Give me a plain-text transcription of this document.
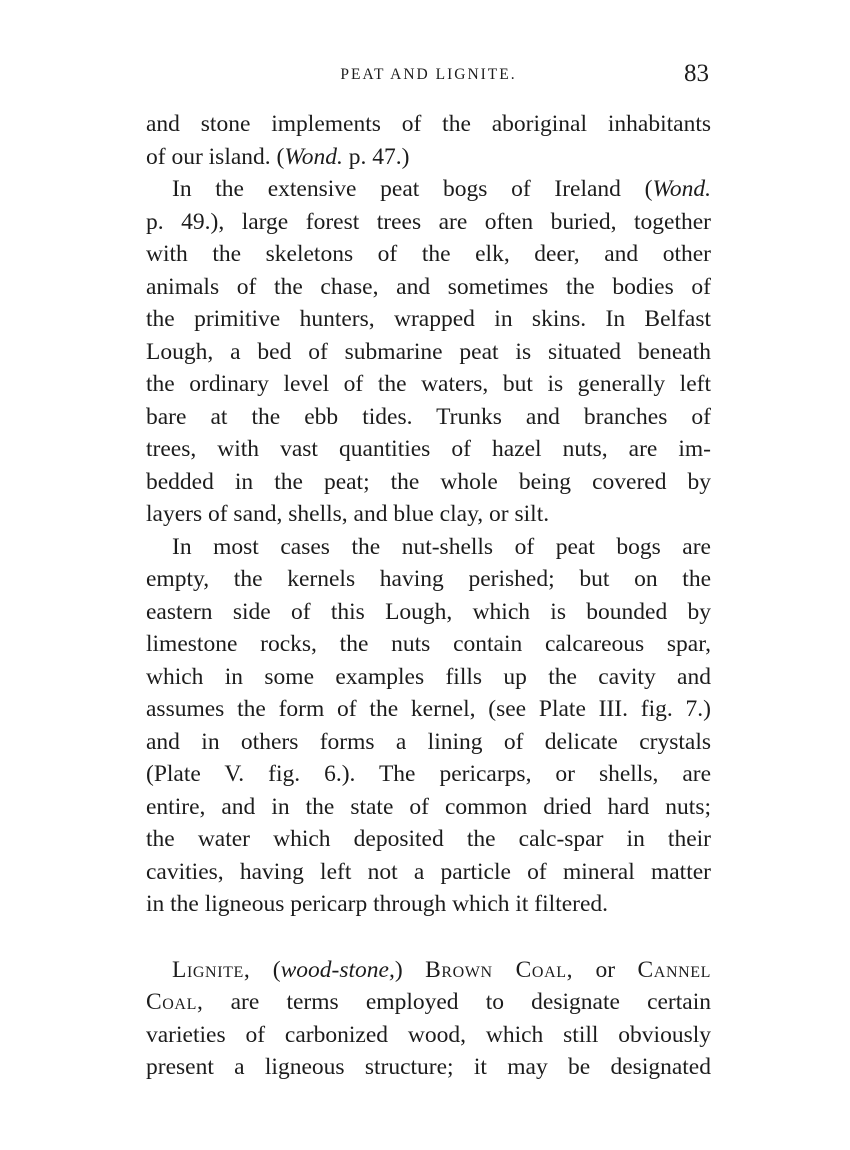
PEAT AND LIGNITE.	83
and stone implements of the aboriginal inhabitants
of our island. (Wond. p. 47.)
In the extensive peat bogs of Ireland (Wond.
p. 49.), large forest trees are often buried, together
with the skeletons of the elk, deer, and other
animals of the chase, and sometimes the bodies of
the primitive hunters, wrapped in skins. In Belfast
Lough, a bed of submarine peat is situated beneath
the ordinary level of the waters, but is generally left
bare at the ebb tides. Trunks and branches of
trees, with vast quantities of hazel nuts, are im-
bedded in the peat; the whole being covered by
layers of sand, shells, and blue clay, or silt.
In most cases the nut-shells of peat bogs are
empty, the kernels having perished; but on the
eastern side of this Lough, which is bounded by
limestone rocks, the nuts contain calcareous spar,
which in some examples fills up the cavity and
assumes the form of the kernel, (see Plate III. fig. 7.)
and in others forms a lining of delicate crystals
(Plate V. fig. 6.). The pericarps, or shells, are
entire, and in the state of common dried hard nuts;
the water which deposited the calc-spar in their
cavities, having left not a particle of mineral matter
in the ligneous pericarp through which it filtered.
Lignite, (wood-stone,) Brown Coal, or Cannel
Coal, are terms employed to designate certain
varieties of carbonized wood, which still obviously
present a ligneous structure; it may be designated
